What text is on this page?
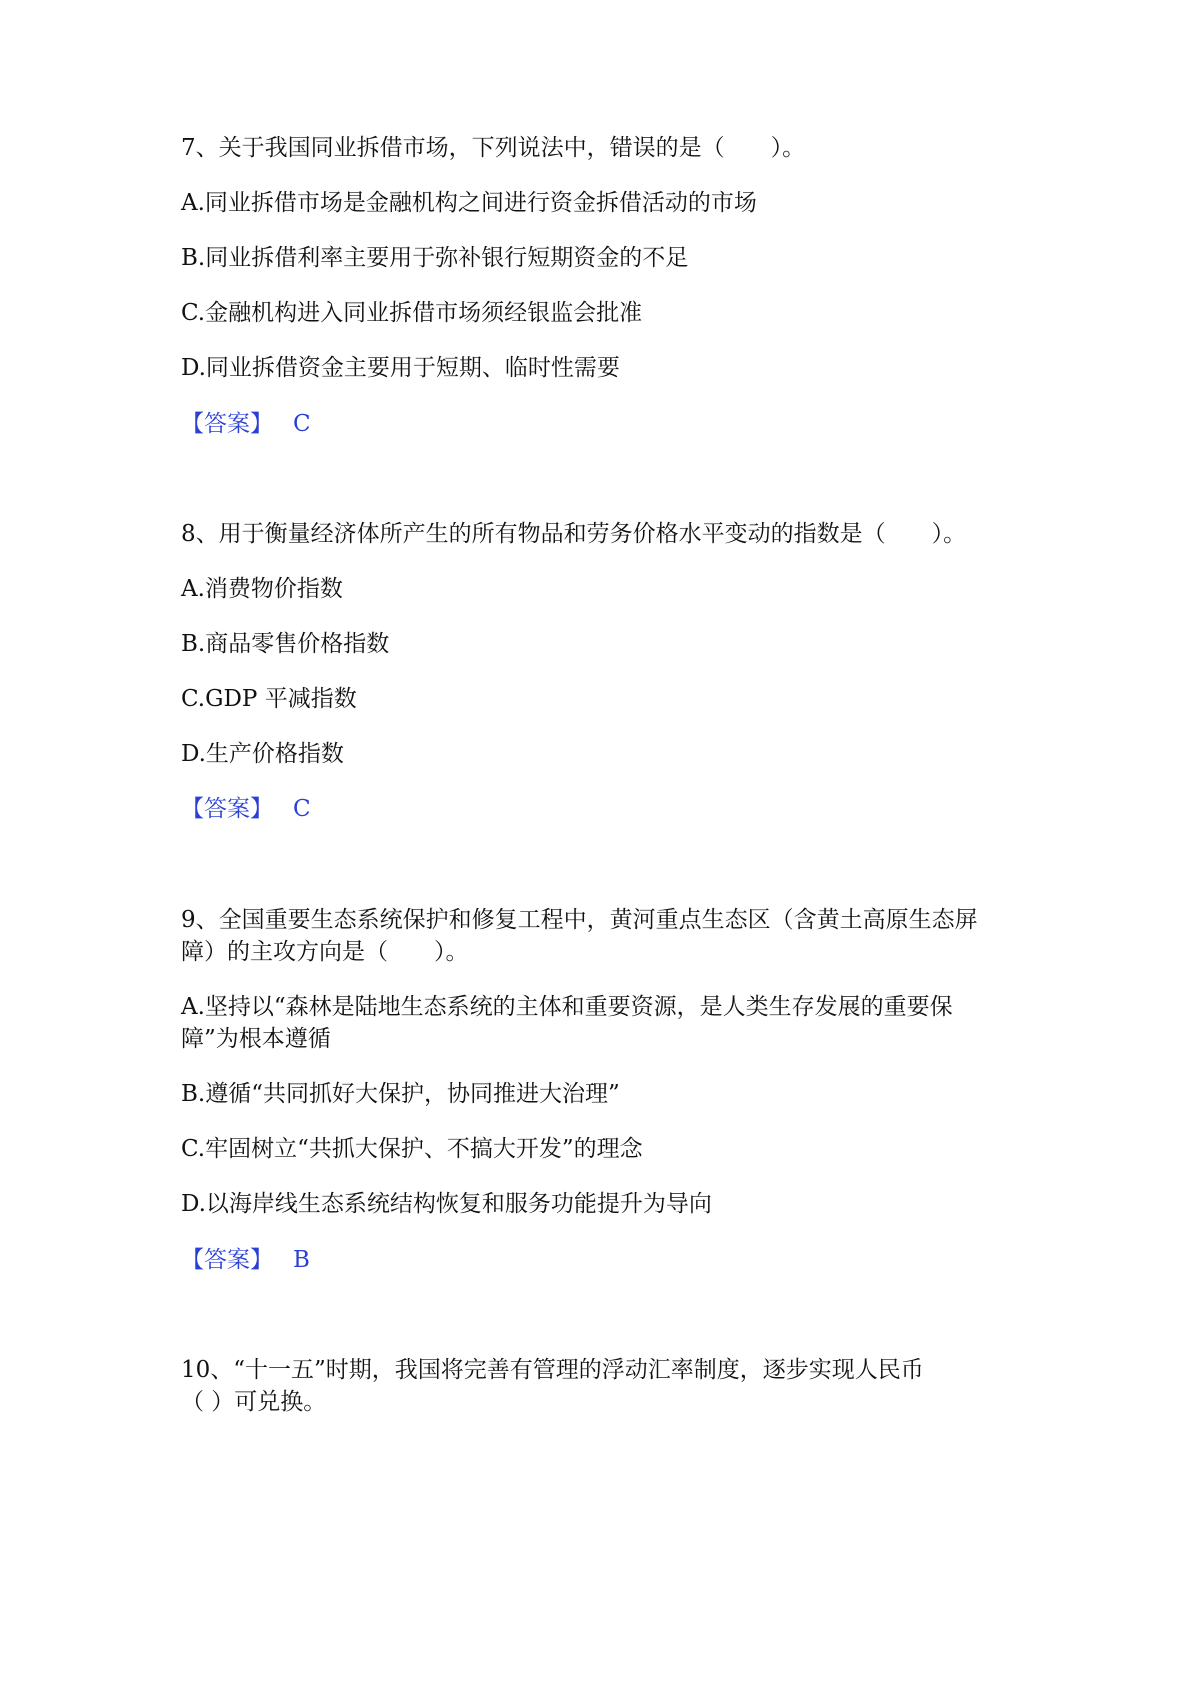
7、关于我国同业拆借市场，下列说法中，错误的是（　　）。
A.同业拆借市场是金融机构之间进行资金拆借活动的市场
B.同业拆借利率主要用于弥补银行短期资金的不足
C.金融机构进入同业拆借市场须经银监会批准
D.同业拆借资金主要用于短期、临时性需要
【答案】 C
8、用于衡量经济体所产生的所有物品和劳务价格水平变动的指数是（　　）。
A.消费物价指数
B.商品零售价格指数
C.GDP 平减指数
D.生产价格指数
【答案】 C
9、全国重要生态系统保护和修复工程中，黄河重点生态区（含黄土高原生态屏
障）的主攻方向是（　　）。
A.坚持以“森林是陆地生态系统的主体和重要资源，是人类生存发展的重要保
障”为根本遵循
B.遵循“共同抓好大保护，协同推进大治理”
C.牢固树立“共抓大保护、不搞大开发”的理念
D.以海岸线生态系统结构恢复和服务功能提升为导向
【答案】 B
10、“十一五”时期，我国将完善有管理的浮动汇率制度，逐步实现人民币
（ ）可兑换。
